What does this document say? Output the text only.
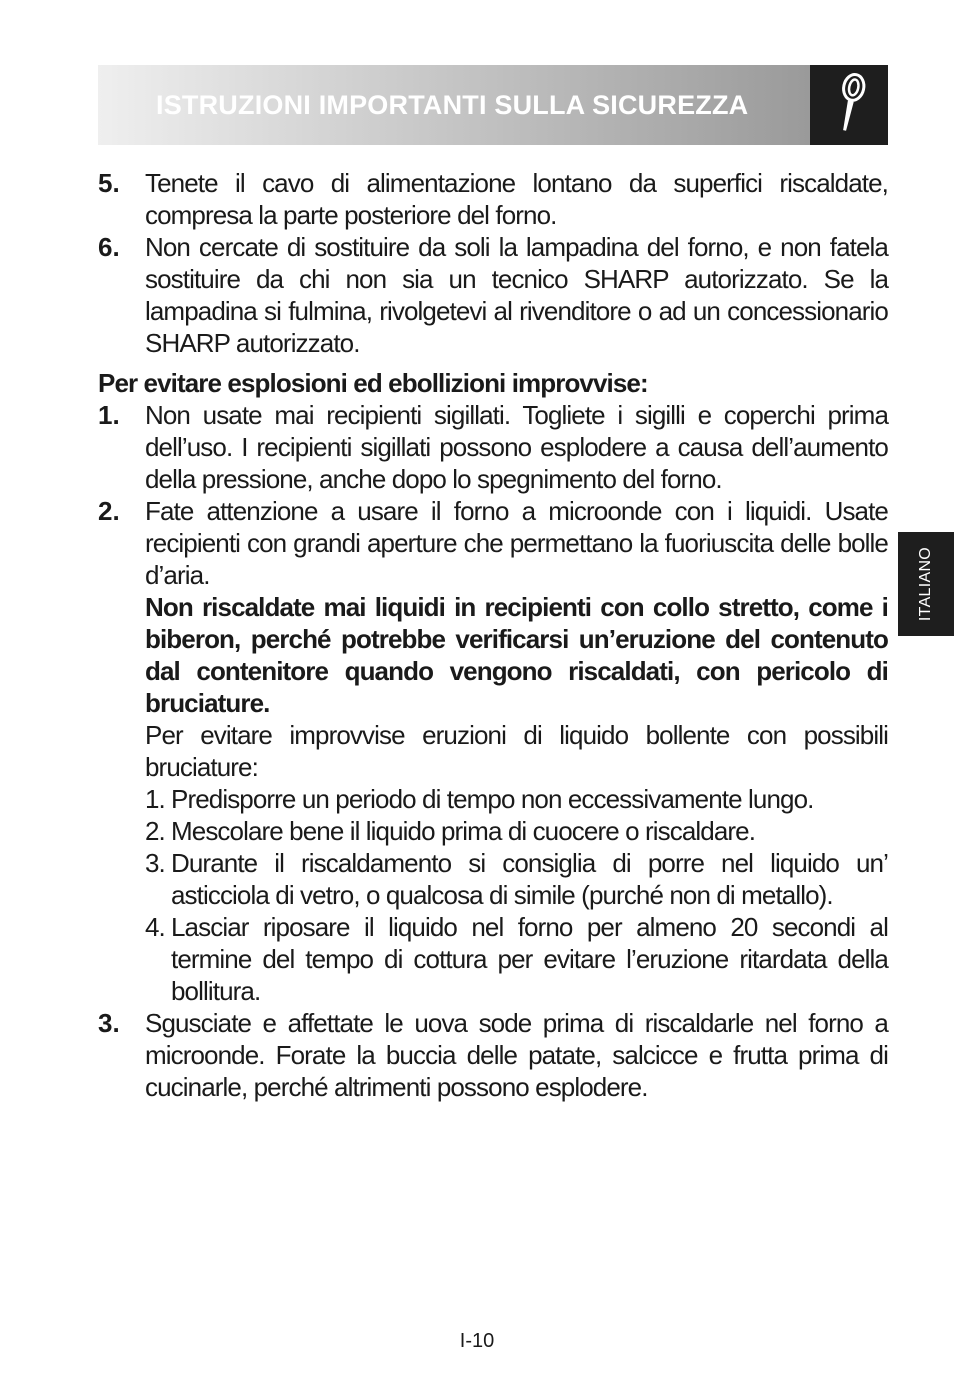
ISTRUZIONI IMPORTANTI SULLA SICUREZZA
ITALIANO
5. Tenete il cavo di alimentazione lontano da superfici riscaldate, compresa la parte posteriore del forno.
6. Non cercate di sostituire da soli la lampadina del forno, e non fatela sostituire da chi non sia un tecnico SHARP autorizzato. Se la lampadina si fulmina, rivolgetevi al rivenditore o ad un concessionario SHARP autorizzato.
Per evitare esplosioni ed ebollizioni improvvise:
1. Non usate mai recipienti sigillati. Togliete i sigilli e coperchi prima dell’uso. I recipienti sigillati possono esplodere a causa dell’aumento della pressione, anche dopo lo spegnimento del forno.
2. Fate attenzione a usare il forno a microonde con i liquidi. Usate recipienti con grandi aperture che permettano la fuoriuscita delle bolle d’aria.
Non riscaldate mai liquidi in recipienti con collo stretto, come i biberon, perché potrebbe verificarsi un’eruzione del contenuto dal contenitore quando vengono riscaldati, con pericolo di bruciature.
Per evitare improvvise eruzioni di liquido bollente con possibili bruciature:
1. Predisporre un periodo di tempo non eccessivamente lungo.
2. Mescolare bene il liquido prima di cuocere o riscaldare.
3. Durante il riscaldamento si consiglia di porre nel liquido un’ asticciola di vetro, o qualcosa di simile (purché non di metallo).
4. Lasciar riposare il liquido nel forno per almeno 20 secondi al termine del tempo di cottura per evitare l’eruzione ritardata della bollitura.
3. Sgusciate e affettate le uova sode prima di riscaldarle nel forno a microonde. Forate la buccia delle patate, salcicce e frutta prima di cucinarle, perché altrimenti possono esplodere.
I-10
